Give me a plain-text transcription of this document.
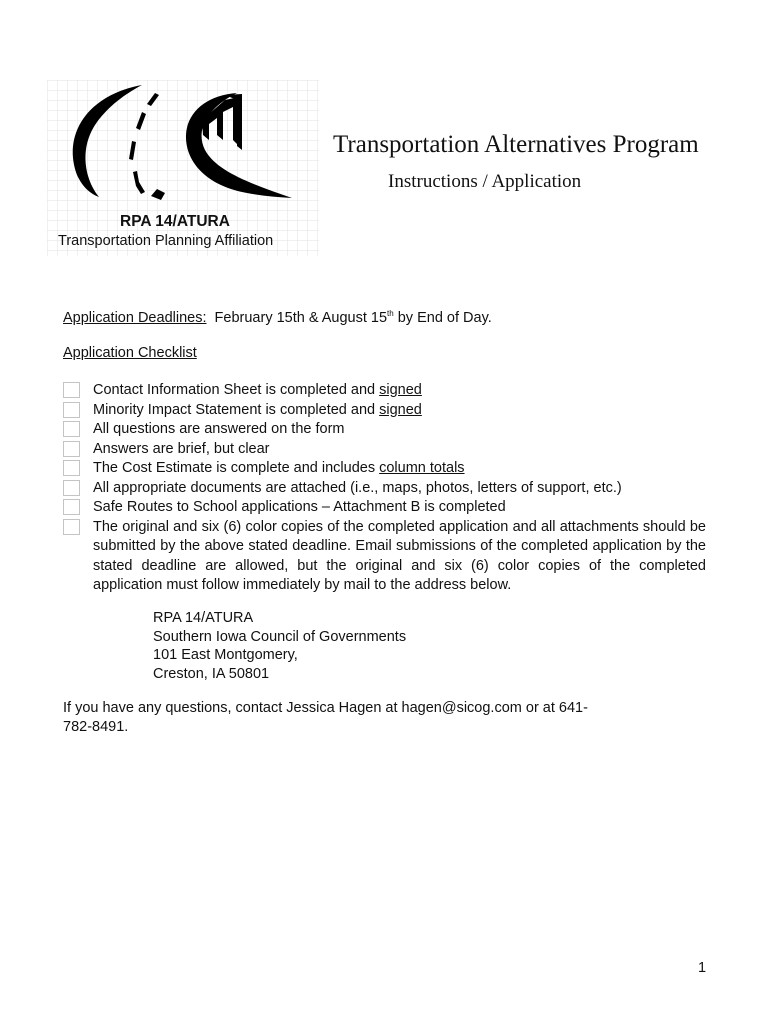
RPA 14/ATURA
Transportation Planning Affiliation
Transportation Alternatives Program
Instructions / Application
Application Deadlines: February 15th & August 15th by End of Day.
Application Checklist
Contact Information Sheet is completed and signed
Minority Impact Statement is completed and signed
All questions are answered on the form
Answers are brief, but clear
The Cost Estimate is complete and includes column totals
All appropriate documents are attached (i.e., maps, photos, letters of support, etc.)
Safe Routes to School applications – Attachment B is completed
The original and six (6) color copies of the completed application and all attachments should be submitted by the above stated deadline. Email submissions of the completed application by the stated deadline are allowed, but the original and six (6) color copies of the completed application must follow immediately by mail to the address below.
RPA 14/ATURA
Southern Iowa Council of Governments
101 East Montgomery,
Creston, IA 50801
If you have any questions, contact Jessica Hagen at hagen@sicog.com or at 641-782-8491.
1
